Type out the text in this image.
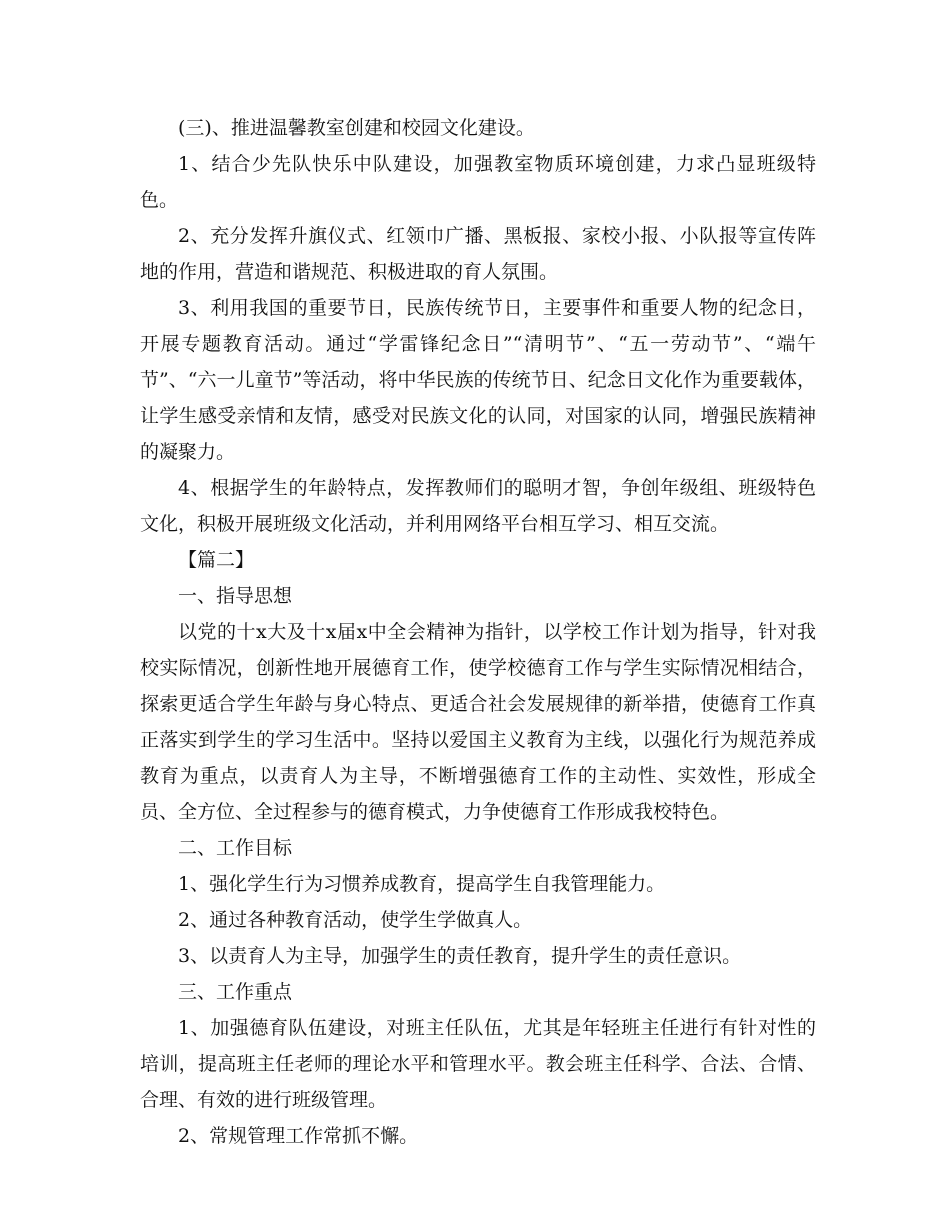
(三)、推进温馨教室创建和校园文化建设。

1、结合少先队快乐中队建设，加强教室物质环境创建，力求凸显班级特色。

2、充分发挥升旗仪式、红领巾广播、黑板报、家校小报、小队报等宣传阵地的作用，营造和谐规范、积极进取的育人氛围。

3、利用我国的重要节日，民族传统节日，主要事件和重要人物的纪念日，开展专题教育活动。通过“学雷锋纪念日”“清明节”、“五一劳动节”、“端午节”、“六一儿童节”等活动，将中华民族的传统节日、纪念日文化作为重要载体，让学生感受亲情和友情，感受对民族文化的认同，对国家的认同，增强民族精神的凝聚力。

4、根据学生的年龄特点，发挥教师们的聪明才智，争创年级组、班级特色文化，积极开展班级文化活动，并利用网络平台相互学习、相互交流。

【篇二】

一、指导思想

以党的十x大及十x届x中全会精神为指针，以学校工作计划为指导，针对我校实际情况，创新性地开展德育工作，使学校德育工作与学生实际情况相结合，探索更适合学生年龄与身心特点、更适合社会发展规律的新举措，使德育工作真正落实到学生的学习生活中。坚持以爱国主义教育为主线，以强化行为规范养成教育为重点，以责育人为主导，不断增强德育工作的主动性、实效性，形成全员、全方位、全过程参与的德育模式，力争使德育工作形成我校特色。

二、工作目标

1、强化学生行为习惯养成教育，提高学生自我管理能力。

2、通过各种教育活动，使学生学做真人。

3、以责育人为主导，加强学生的责任教育，提升学生的责任意识。

三、工作重点

1、加强德育队伍建设，对班主任队伍，尤其是年轻班主任进行有针对性的培训，提高班主任老师的理论水平和管理水平。教会班主任科学、合法、合情、合理、有效的进行班级管理。

2、常规管理工作常抓不懈。
